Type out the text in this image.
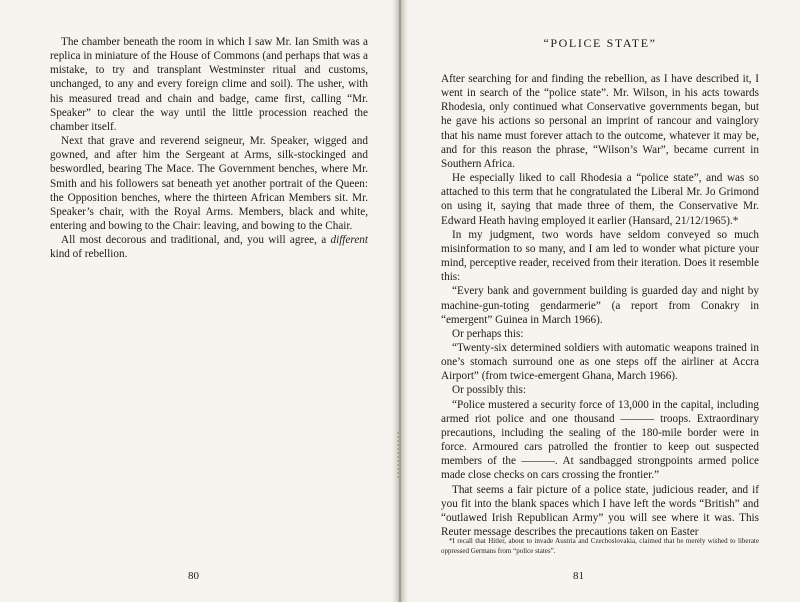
The chamber beneath the room in which I saw Mr. Ian Smith was a replica in miniature of the House of Commons (and perhaps that was a mistake, to try and transplant Westminster ritual and customs, unchanged, to any and every foreign clime and soil). The usher, with his measured tread and chain and badge, came first, calling “Mr. Speaker” to clear the way until the little procession reached the chamber itself.

Next that grave and reverend seigneur, Mr. Speaker, wigged and gowned, and after him the Sergeant at Arms, silk-stockinged and beswordled, bearing The Mace. The Government benches, where Mr. Smith and his followers sat beneath yet another portrait of the Queen: the Opposition benches, where the thirteen African Members sit. Mr. Speaker’s chair, with the Royal Arms. Members, black and white, entering and bowing to the Chair: leaving, and bowing to the Chair.

All most decorous and traditional, and, you will agree, a different kind of rebellion.

80
“POLICE STATE”

After searching for and finding the rebellion, as I have described it, I went in search of the “police state”. Mr. Wilson, in his acts towards Rhodesia, only continued what Conservative governments began, but he gave his actions so personal an imprint of rancour and vainglory that his name must forever attach to the outcome, whatever it may be, and for this reason the phrase, “Wilson’s War”, became current in Southern Africa.

He especially liked to call Rhodesia a “police state”, and was so attached to this term that he congratulated the Liberal Mr. Jo Grimond on using it, saying that made three of them, the Conservative Mr. Edward Heath having employed it earlier (Hansard, 21/12/1965).*

In my judgment, two words have seldom conveyed so much misinformation to so many, and I am led to wonder what picture your mind, perceptive reader, received from their iteration. Does it resemble this:

“Every bank and government building is guarded day and night by machine-gun-toting gendarmerie” (a report from Conakry in “emergent” Guinea in March 1966).

Or perhaps this:

“Twenty-six determined soldiers with automatic weapons trained in one’s stomach surround one as one steps off the airliner at Accra Airport” (from twice-emergent Ghana, March 1966).

Or possibly this:

“Police mustered a security force of 13,000 in the capital, including armed riot police and one thousand ——— troops. Extraordinary precautions, including the sealing of the 180-mile border were in force. Armoured cars patrolled the frontier to keep out suspected members of the ———. At sandbagged strongpoints armed police made close checks on cars crossing the frontier.”

That seems a fair picture of a police state, judicious reader, and if you fit into the blank spaces which I have left the words “British” and “outlawed Irish Republican Army” you will see where it was. This Reuter message describes the precautions taken on Easter

*I recall that Hitler, about to invade Austria and Czechoslovakia, claimed that he merely wished to liberate oppressed Germans from “police states”.

81
